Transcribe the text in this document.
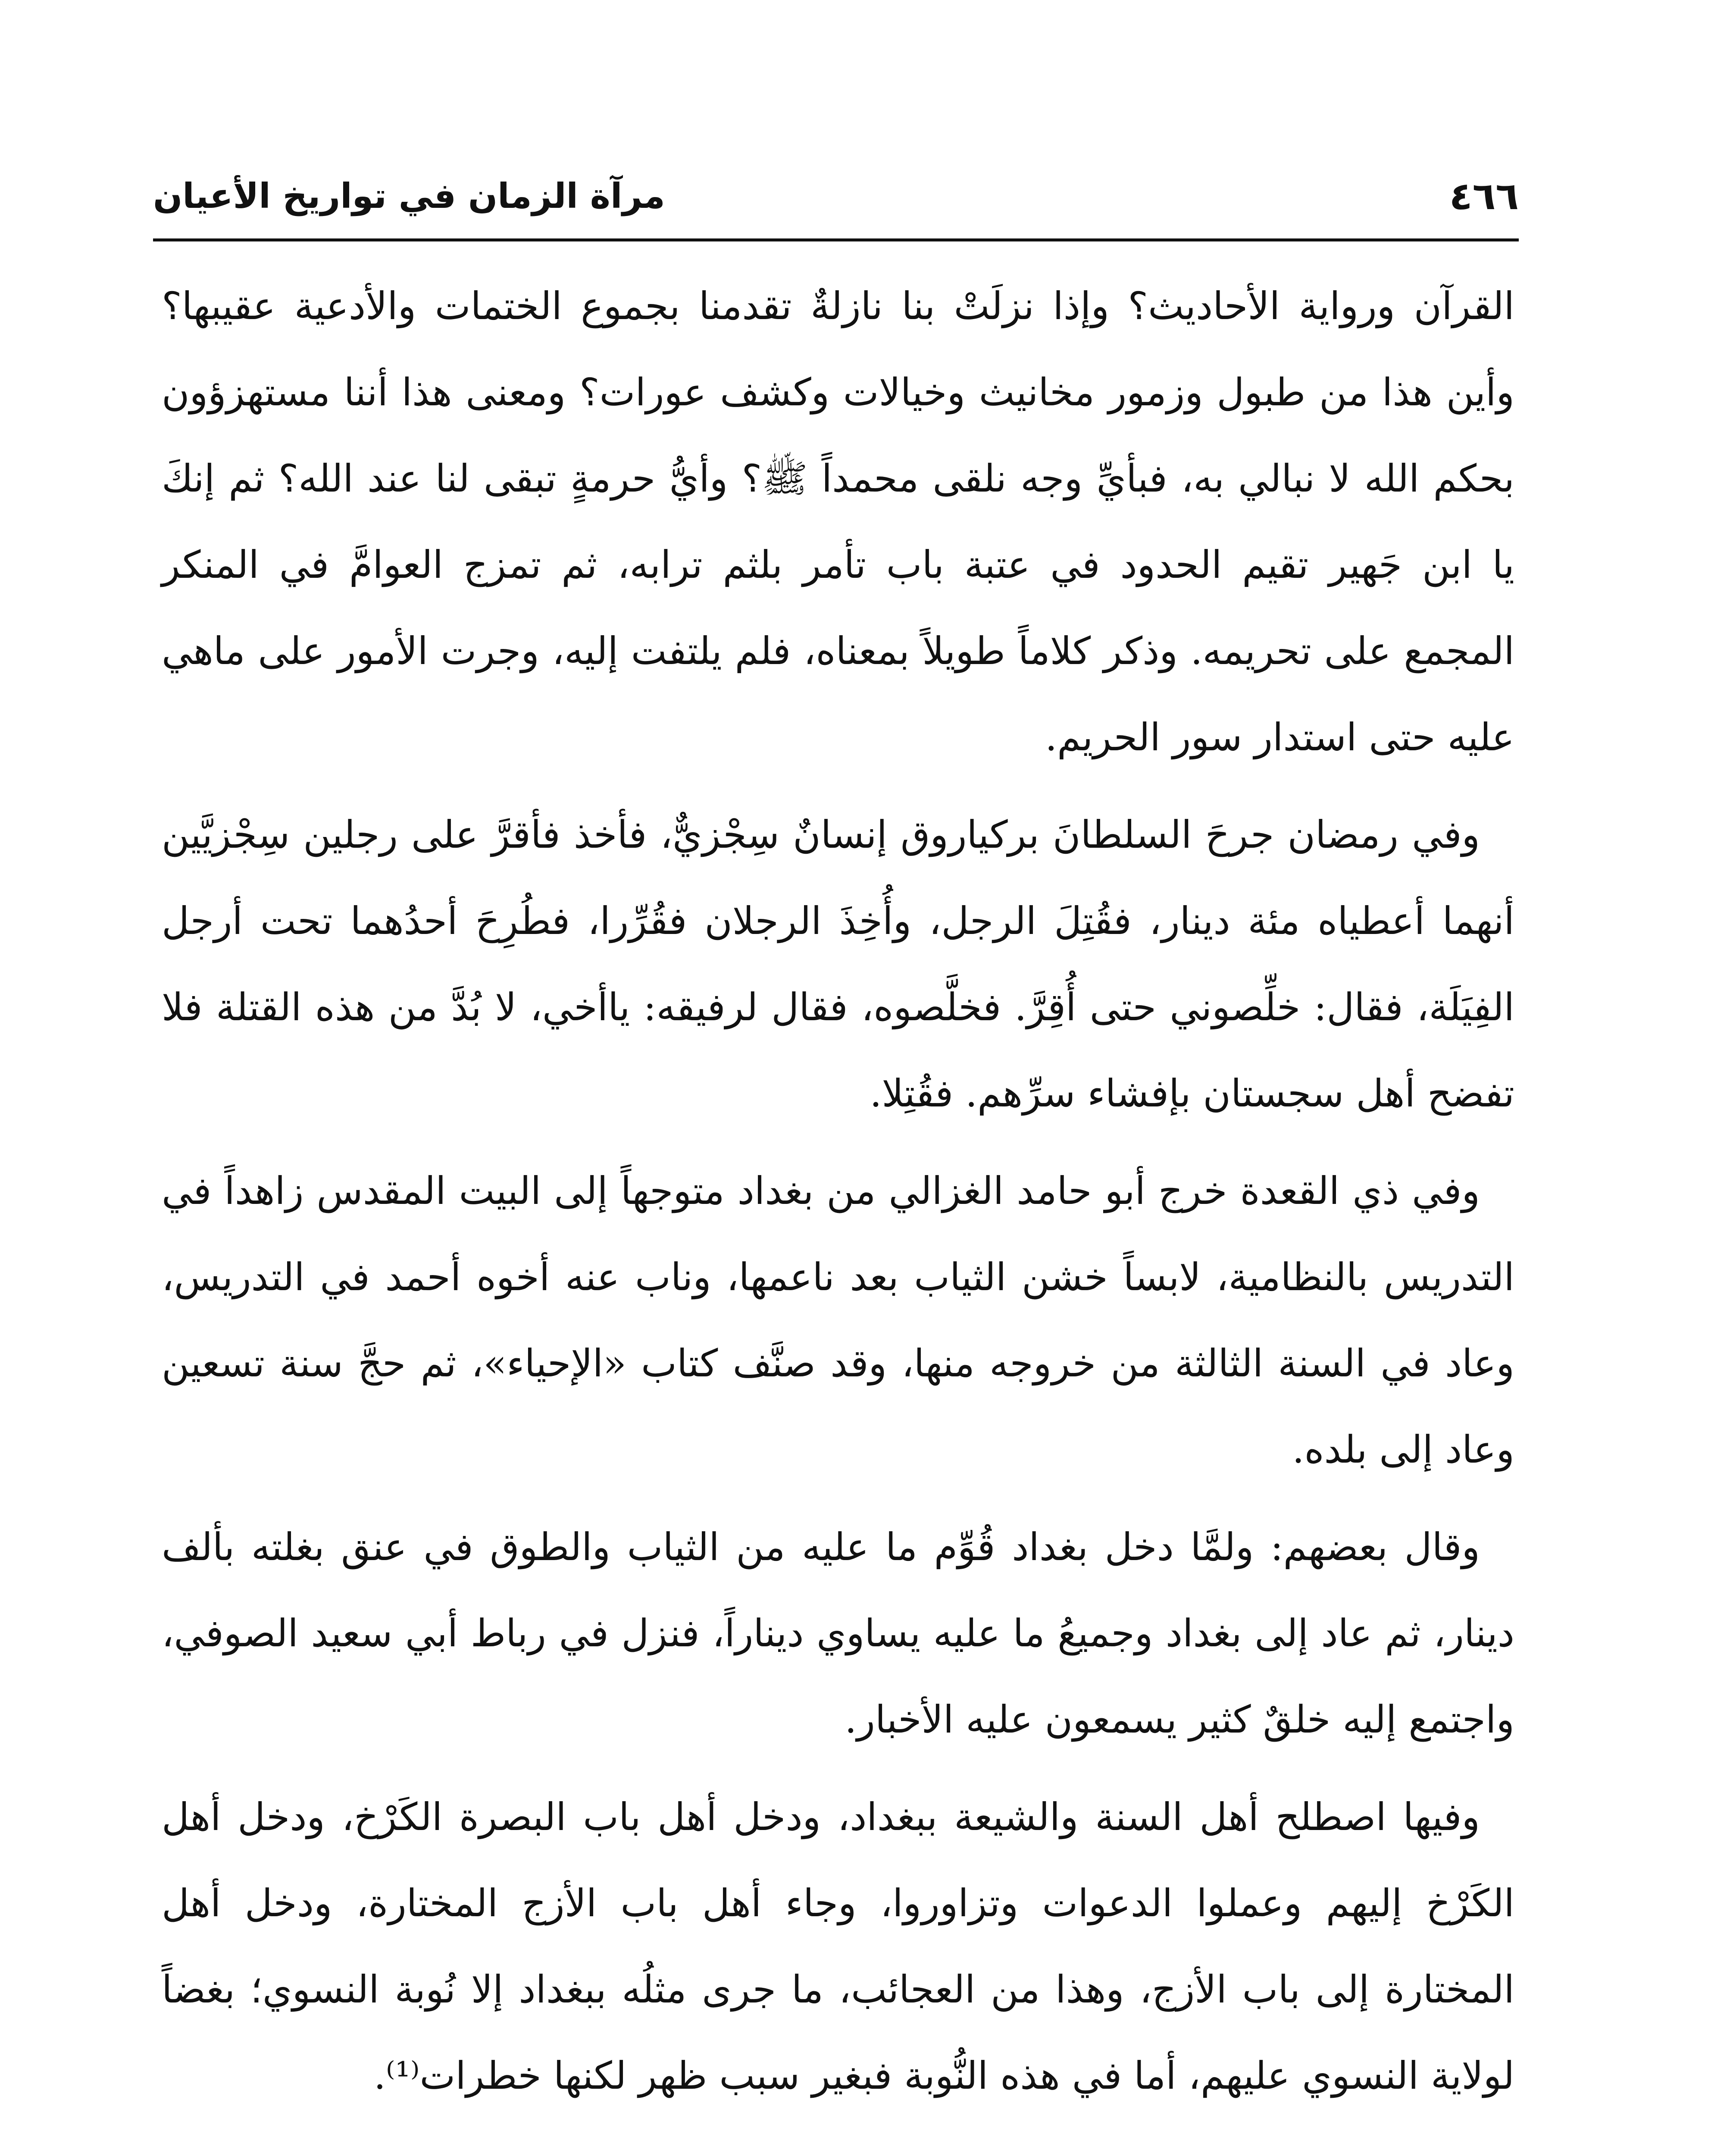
٤٦٦
مرآة الزمان في تواريخ الأعيان

القرآن ورواية الأحاديث؟ وإذا نزلَتْ بنا نازلةٌ تقدمنا بجموع الختمات والأدعية عقيبها؟ وأين هذا من طبول وزمور مخانيث وخيالات وكشف عورات؟ ومعنى هذا أننا مستهزؤون بحكم الله لا نبالي به، فبأيِّ وجه نلقى محمداً ﷺ؟ وأيُّ حرمةٍ تبقى لنا عند الله؟ ثم إنكَ يا ابن جَهير تقيم الحدود في عتبة باب تأمر بلثم ترابه، ثم تمزج العوامَّ في المنكر المجمع على تحريمه. وذكر كلاماً طويلاً بمعناه، فلم يلتفت إليه، وجرت الأمور على ماهي عليه حتى استدار سور الحريم.

وفي رمضان جرحَ السلطانَ بركياروق إنسانٌ سِجْزيٌّ، فأخذ فأقرَّ على رجلين سِجْزيَّين أنهما أعطياه مئة دينار، فقُتِلَ الرجل، وأُخِذَ الرجلان فقُرِّرا، فطُرِحَ أحدُهما تحت أرجل الفِيَلَة، فقال: خلِّصوني حتى أُقِرَّ. فخلَّصوه، فقال لرفيقه: ياأخي، لا بُدَّ من هذه القتلة فلا تفضح أهل سجستان بإفشاء سرِّهم. فقُتِلا.

وفي ذي القعدة خرج أبو حامد الغزالي من بغداد متوجهاً إلى البيت المقدس زاهداً في التدريس بالنظامية، لابساً خشن الثياب بعد ناعمها، وناب عنه أخوه أحمد في التدريس، وعاد في السنة الثالثة من خروجه منها، وقد صنَّف كتاب «الإحياء»، ثم حجَّ سنة تسعين وعاد إلى بلده.

وقال بعضهم: ولمَّا دخل بغداد قُوِّم ما عليه من الثياب والطوق في عنق بغلته بألف دينار، ثم عاد إلى بغداد وجميعُ ما عليه يساوي ديناراً، فنزل في رباط أبي سعيد الصوفي، واجتمع إليه خلقٌ كثير يسمعون عليه الأخبار.

وفيها اصطلح أهل السنة والشيعة ببغداد، ودخل أهل باب البصرة الكَرْخ، ودخل أهل الكَرْخ إليهم وعملوا الدعوات وتزاوروا، وجاء أهل باب الأزج المختارة، ودخل أهل المختارة إلى باب الأزج، وهذا من العجائب، ما جرى مثلُه ببغداد إلا نُوبة النسوي؛ بغضاً لولاية النسوي عليهم، أما في هذه النُّوبة فبغير سبب ظهر لكنها خطرات⁽¹⁾.
